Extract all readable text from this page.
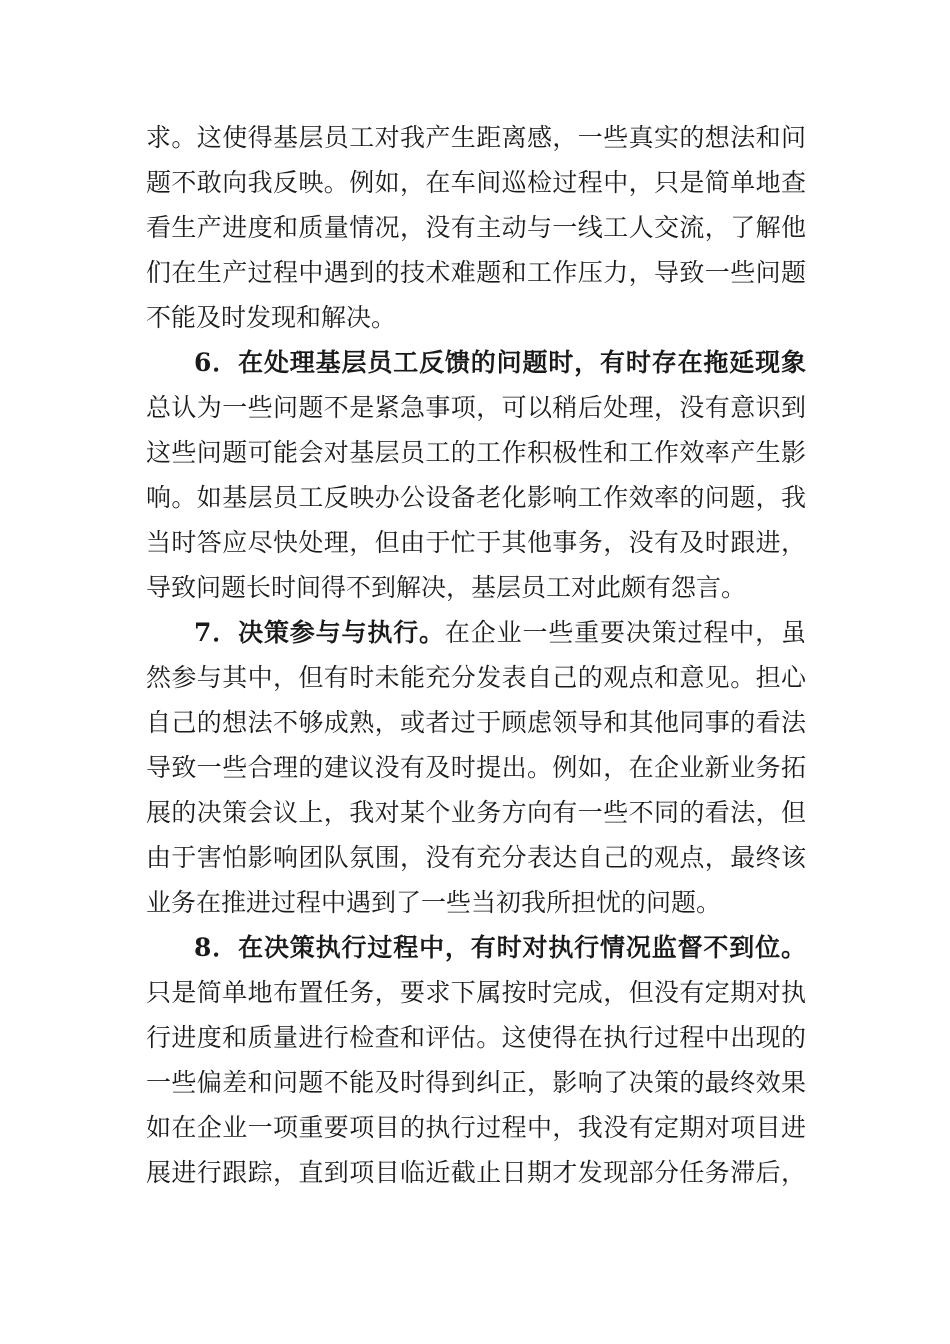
求。这使得基层员工对我产生距离感，一些真实的想法和问
题不敢向我反映。例如，在车间巡检过程中，只是简单地查
看生产进度和质量情况，没有主动与一线工人交流，了解他
们在生产过程中遇到的技术难题和工作压力，导致一些问题
不能及时发现和解决。
6．在处理基层员工反馈的问题时，有时存在拖延现象
总认为一些问题不是紧急事项，可以稍后处理，没有意识到
这些问题可能会对基层员工的工作积极性和工作效率产生影
响。如基层员工反映办公设备老化影响工作效率的问题，我
当时答应尽快处理，但由于忙于其他事务，没有及时跟进，
导致问题长时间得不到解决，基层员工对此颇有怨言。
7．决策参与与执行。在企业一些重要决策过程中，虽
然参与其中，但有时未能充分发表自己的观点和意见。担心
自己的想法不够成熟，或者过于顾虑领导和其他同事的看法
导致一些合理的建议没有及时提出。例如，在企业新业务拓
展的决策会议上，我对某个业务方向有一些不同的看法，但
由于害怕影响团队氛围，没有充分表达自己的观点，最终该
业务在推进过程中遇到了一些当初我所担忧的问题。
8．在决策执行过程中，有时对执行情况监督不到位。
只是简单地布置任务，要求下属按时完成，但没有定期对执
行进度和质量进行检查和评估。这使得在执行过程中出现的
一些偏差和问题不能及时得到纠正，影响了决策的最终效果
如在企业一项重要项目的执行过程中，我没有定期对项目进
展进行跟踪，直到项目临近截止日期才发现部分任务滞后，
